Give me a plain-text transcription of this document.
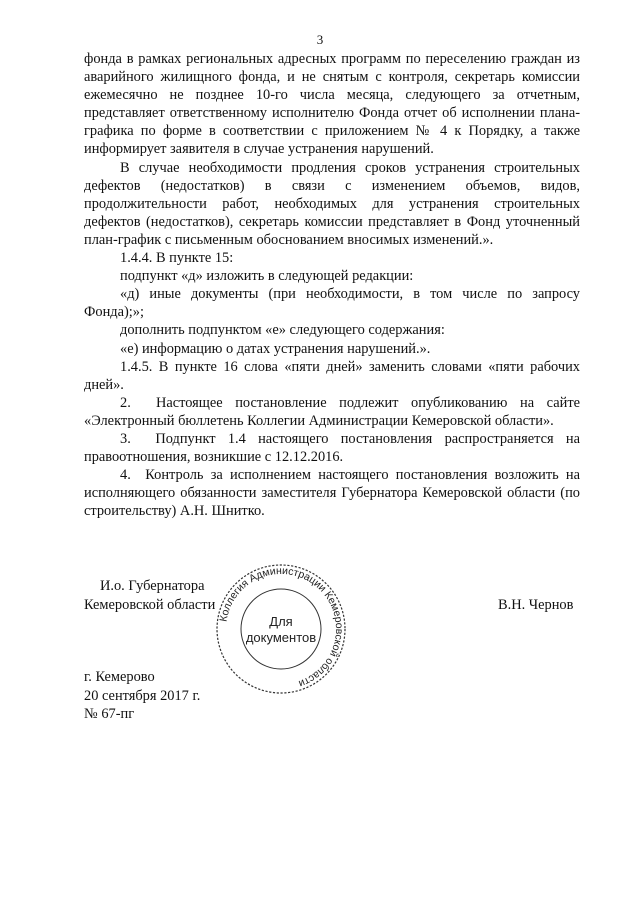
3

фонда в рамках региональных адресных программ по переселению граждан из аварийного жилищного фонда, и не снятым с контроля, секретарь комиссии ежемесячно не позднее 10-го числа месяца, следующего за отчетным, представляет ответственному исполнителю Фонда отчет об исполнении плана-графика по форме в соответствии с приложением № 4 к Порядку, а также информирует заявителя в случае устранения нарушений.

В случае необходимости продления сроков устранения строительных дефектов (недостатков) в связи с изменением объемов, видов, продолжительности работ, необходимых для устранения строительных дефектов (недостатков), секретарь комиссии представляет в Фонд уточненный план-график с письменным обоснованием вносимых изменений.».

1.4.4. В пункте 15:

подпункт «д» изложить в следующей редакции:

«д) иные документы (при необходимости, в том числе по запросу Фонда);»;

дополнить подпунктом «е» следующего содержания:

«е) информацию о датах устранения нарушений.».

1.4.5. В пункте 16 слова «пяти дней» заменить словами «пяти рабочих дней».

2.  Настоящее постановление подлежит опубликованию на сайте «Электронный бюллетень Коллегии Администрации Кемеровской области».

3.  Подпункт 1.4 настоящего постановления распространяется на правоотношения, возникшие с 12.12.2016.

4.  Контроль за исполнением настоящего постановления возложить на исполняющего обязанности заместителя Губернатора Кемеровской области (по строительству) А.Н. Шнитко.

И.о. Губернатора
Кемеровской области
Коллегия Администрации Кемеровской области
Для
документов
В.Н. Чернов
г. Кемерово
20 сентября 2017 г.
№ 67-пг
